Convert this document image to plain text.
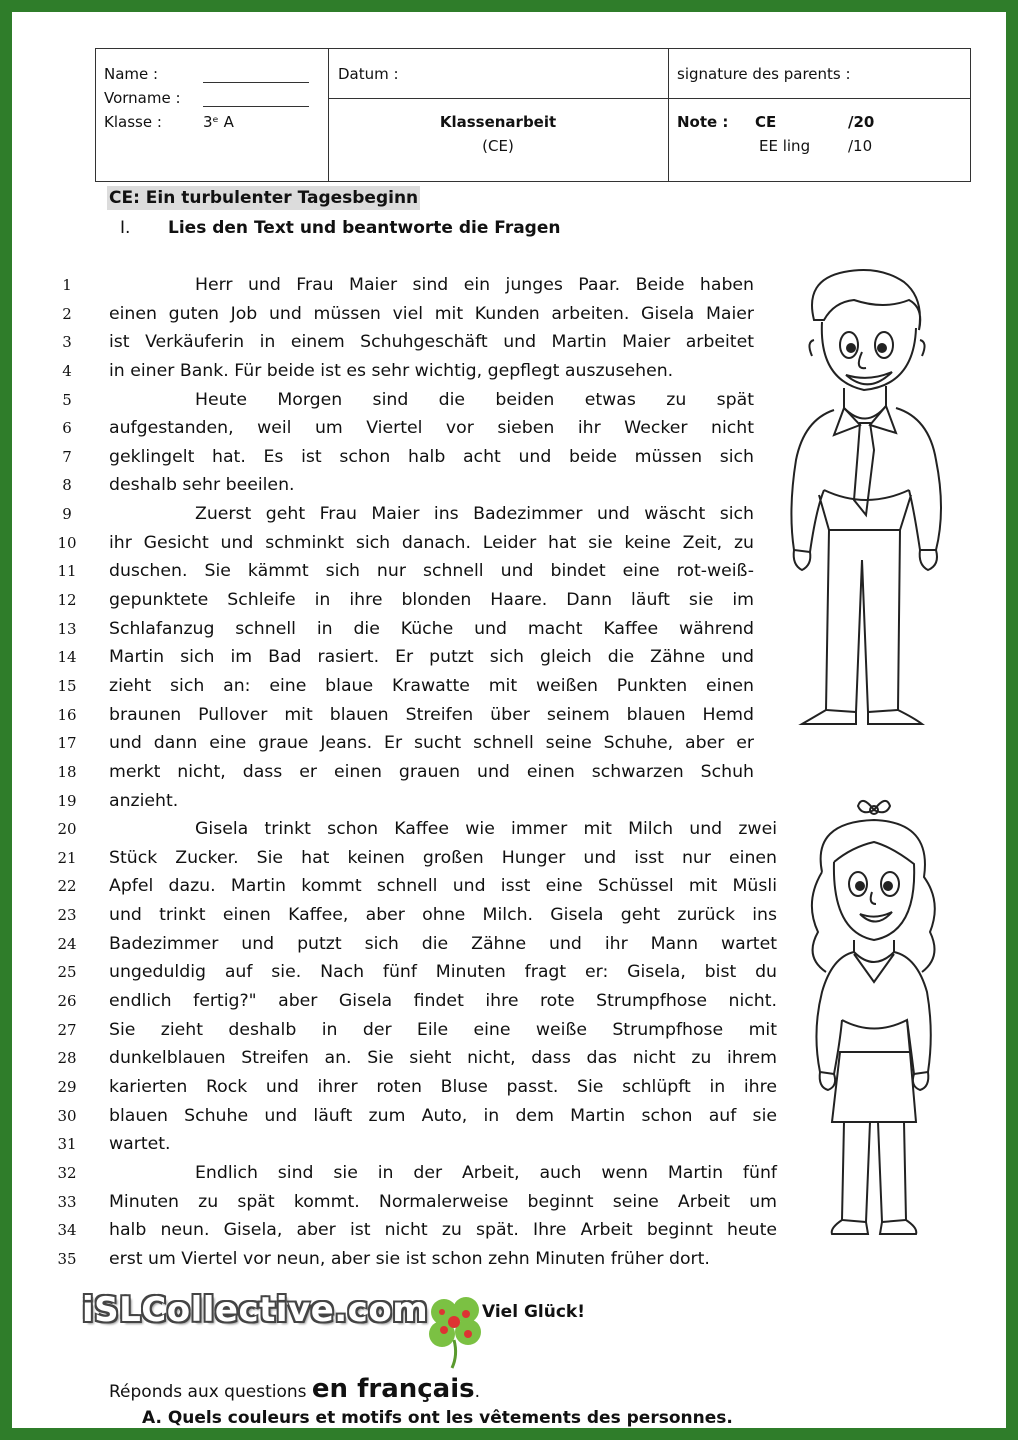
Name :
Vorname :
Klasse :	3ᵉ A
Datum :	signature des parents :
Klassenarbeit
(CE)
Note : CE	/20
EE ling	/10
CE: Ein turbulenter Tagesbeginn
I. Lies den Text und beantworte die Fragen
1	Herr und Frau Maier sind ein junges Paar. Beide haben
2	einen guten Job und müssen viel mit Kunden arbeiten. Gisela Maier
3	ist Verkäuferin in einem Schuhgeschäft und Martin Maier arbeitet
4	in einer Bank. Für beide ist es sehr wichtig, gepflegt auszusehen.
5	Heute Morgen sind die beiden etwas zu spät
6	aufgestanden, weil um Viertel vor sieben ihr Wecker nicht
7	geklingelt hat. Es ist schon halb acht und beide müssen sich
8	deshalb sehr beeilen.
9	Zuerst geht Frau Maier ins Badezimmer und wäscht sich
10	ihr Gesicht und schminkt sich danach. Leider hat sie keine Zeit, zu
11	duschen. Sie kämmt sich nur schnell und bindet eine rot-weiß-
12	gepunktete Schleife in ihre blonden Haare. Dann läuft sie im
13	Schlafanzug schnell in die Küche und macht Kaffee während
14	Martin sich im Bad rasiert. Er putzt sich gleich die Zähne und
15	zieht sich an: eine blaue Krawatte mit weißen Punkten einen
16	braunen Pullover mit blauen Streifen über seinem blauen Hemd
17	und dann eine graue Jeans. Er sucht schnell seine Schuhe, aber er
18	merkt nicht, dass er einen grauen und einen schwarzen Schuh
19	anzieht.
20	Gisela trinkt schon Kaffee wie immer mit Milch und zwei
21	Stück Zucker. Sie hat keinen großen Hunger und isst nur einen
22	Apfel dazu. Martin kommt schnell und isst eine Schüssel mit Müsli
23	und trinkt einen Kaffee, aber ohne Milch. Gisela geht zurück ins
24	Badezimmer und putzt sich die Zähne und ihr Mann wartet
25	ungeduldig auf sie. Nach fünf Minuten fragt er: Gisela, bist du
26	endlich fertig?" aber Gisela findet ihre rote Strumpfhose nicht.
27	Sie zieht deshalb in der Eile eine weiße Strumpfhose mit
28	dunkelblauen Streifen an. Sie sieht nicht, dass das nicht zu ihrem
29	karierten Rock und ihrer roten Bluse passt. Sie schlüpft in ihre
30	blauen Schuhe und läuft zum Auto, in dem Martin schon auf sie
31	wartet.
32	Endlich sind sie in der Arbeit, auch wenn Martin fünf
33	Minuten zu spät kommt. Normalerweise beginnt seine Arbeit um
34	halb neun. Gisela, aber ist nicht zu spät. Ihre Arbeit beginnt heute
35	erst um Viertel vor neun, aber sie ist schon zehn Minuten früher dort.
iSLCollective.com	Viel Glück!
Réponds aux questions en français.
A. Quels couleurs et motifs ont les vêtements des personnes.
